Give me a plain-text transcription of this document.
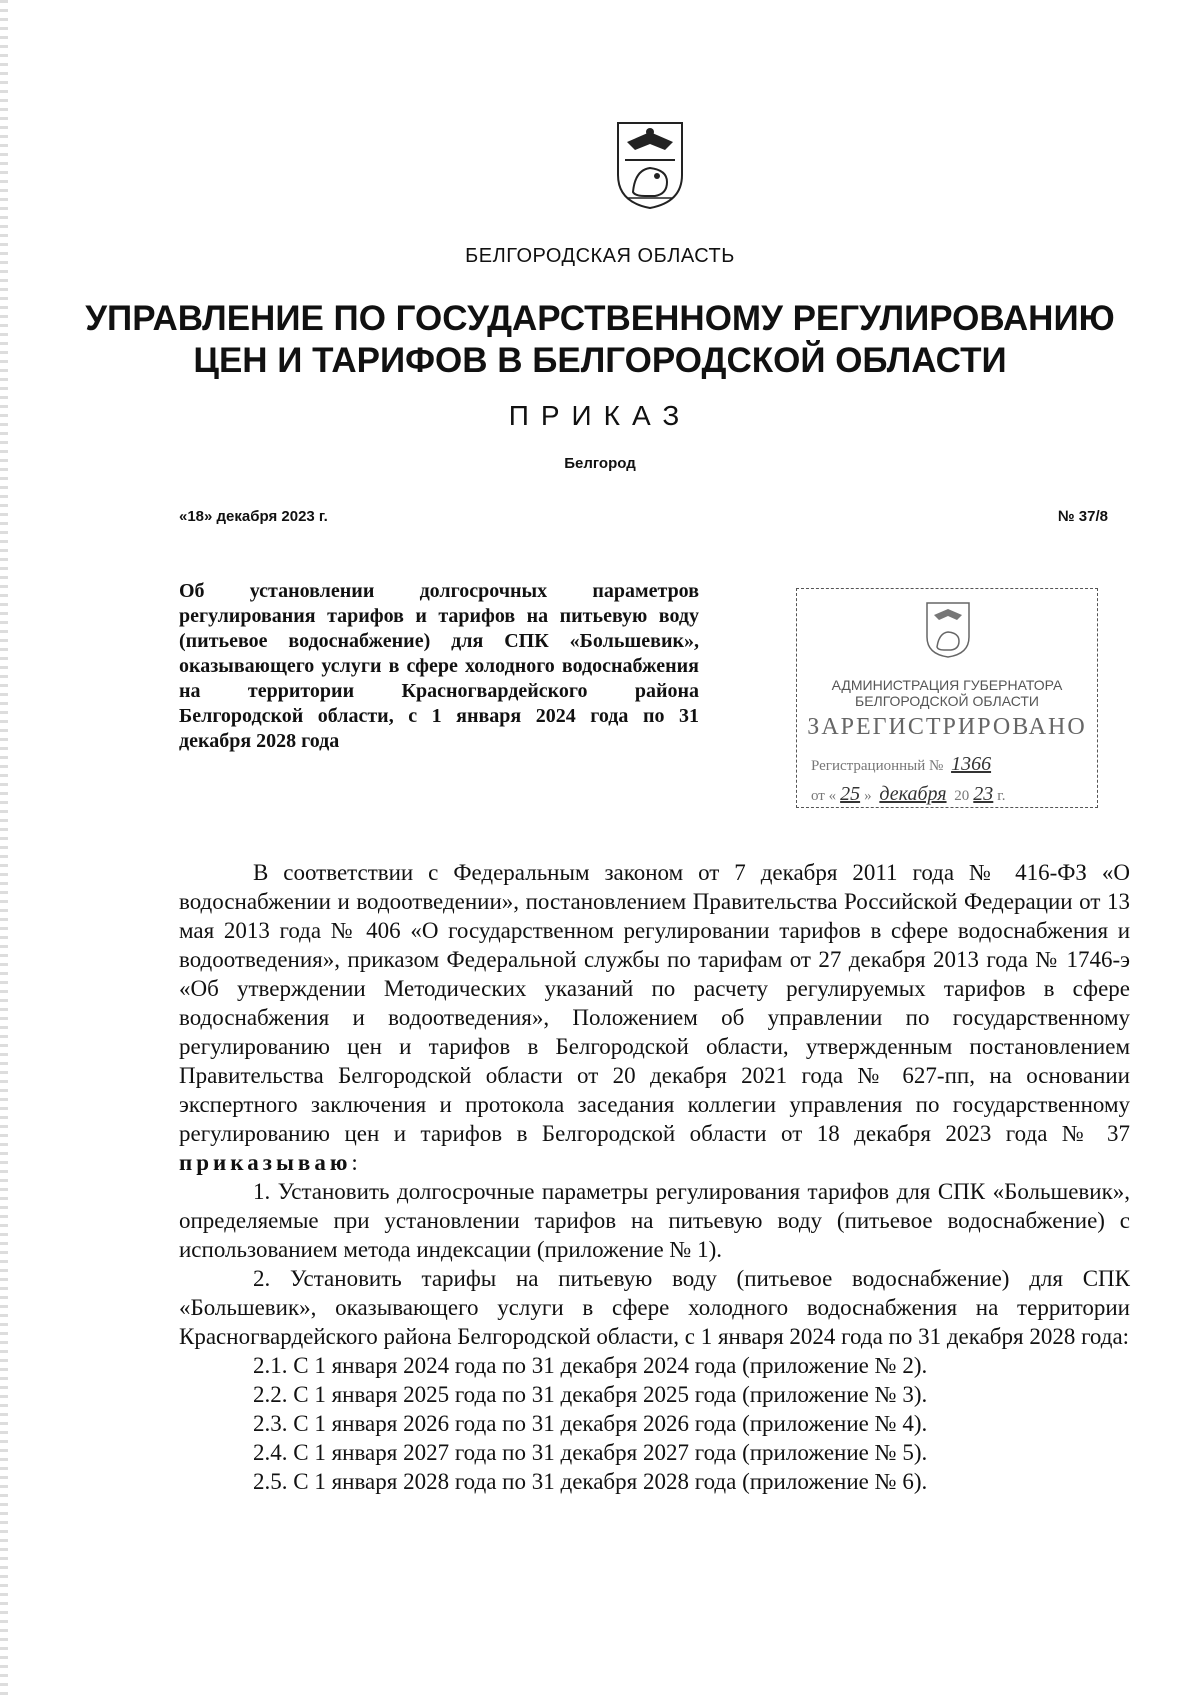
БЕЛГОРОДСКАЯ ОБЛАСТЬ
УПРАВЛЕНИЕ ПО ГОСУДАРСТВЕННОМУ РЕГУЛИРОВАНИЮ
ЦЕН И ТАРИФОВ В БЕЛГОРОДСКОЙ ОБЛАСТИ
ПРИКАЗ
Белгород
«18» декабря 2023 г.	№ 37/8
Об установлении долгосрочных параметров регулирования тарифов и тарифов на питьевую воду (питьевое водоснабжение) для СПК «Большевик», оказывающего услуги в сфере холодного водоснабжения на территории Красногвардейского района Белгородской области, с 1 января 2024 года по 31 декабря 2028 года
АДМИНИСТРАЦИЯ ГУБЕРНАТОРА
БЕЛГОРОДСКОЙ ОБЛАСТИ
ЗАРЕГИСТРИРОВАНО
Регистрационный № 1366
от « 25 » декабря 20 23 г.

В соответствии с Федеральным законом от 7 декабря 2011 года № 416-ФЗ «О водоснабжении и водоотведении», постановлением Правительства Российской Федерации от 13 мая 2013 года № 406 «О государственном регулировании тарифов в сфере водоснабжения и водоотведения», приказом Федеральной службы по тарифам от 27 декабря 2013 года № 1746-э «Об утверждении Методических указаний по расчету регулируемых тарифов в сфере водоснабжения и водоотведения», Положением об управлении по государственному регулированию цен и тарифов в Белгородской области, утвержденным постановлением Правительства Белгородской области от 20 декабря 2021 года № 627-пп, на основании экспертного заключения и протокола заседания коллегии управления по государственному регулированию цен и тарифов в Белгородской области от 18 декабря 2023 года № 37 приказываю:

1. Установить долгосрочные параметры регулирования тарифов для СПК «Большевик», определяемые при установлении тарифов на питьевую воду (питьевое водоснабжение) с использованием метода индексации (приложение № 1).

2. Установить тарифы на питьевую воду (питьевое водоснабжение) для СПК «Большевик», оказывающего услуги в сфере холодного водоснабжения на территории Красногвардейского района Белгородской области, с 1 января 2024 года по 31 декабря 2028 года:

2.1. С 1 января 2024 года по 31 декабря 2024 года (приложение № 2).

2.2. С 1 января 2025 года по 31 декабря 2025 года (приложение № 3).

2.3. С 1 января 2026 года по 31 декабря 2026 года (приложение № 4).

2.4. С 1 января 2027 года по 31 декабря 2027 года (приложение № 5).

2.5. С 1 января 2028 года по 31 декабря 2028 года (приложение № 6).
